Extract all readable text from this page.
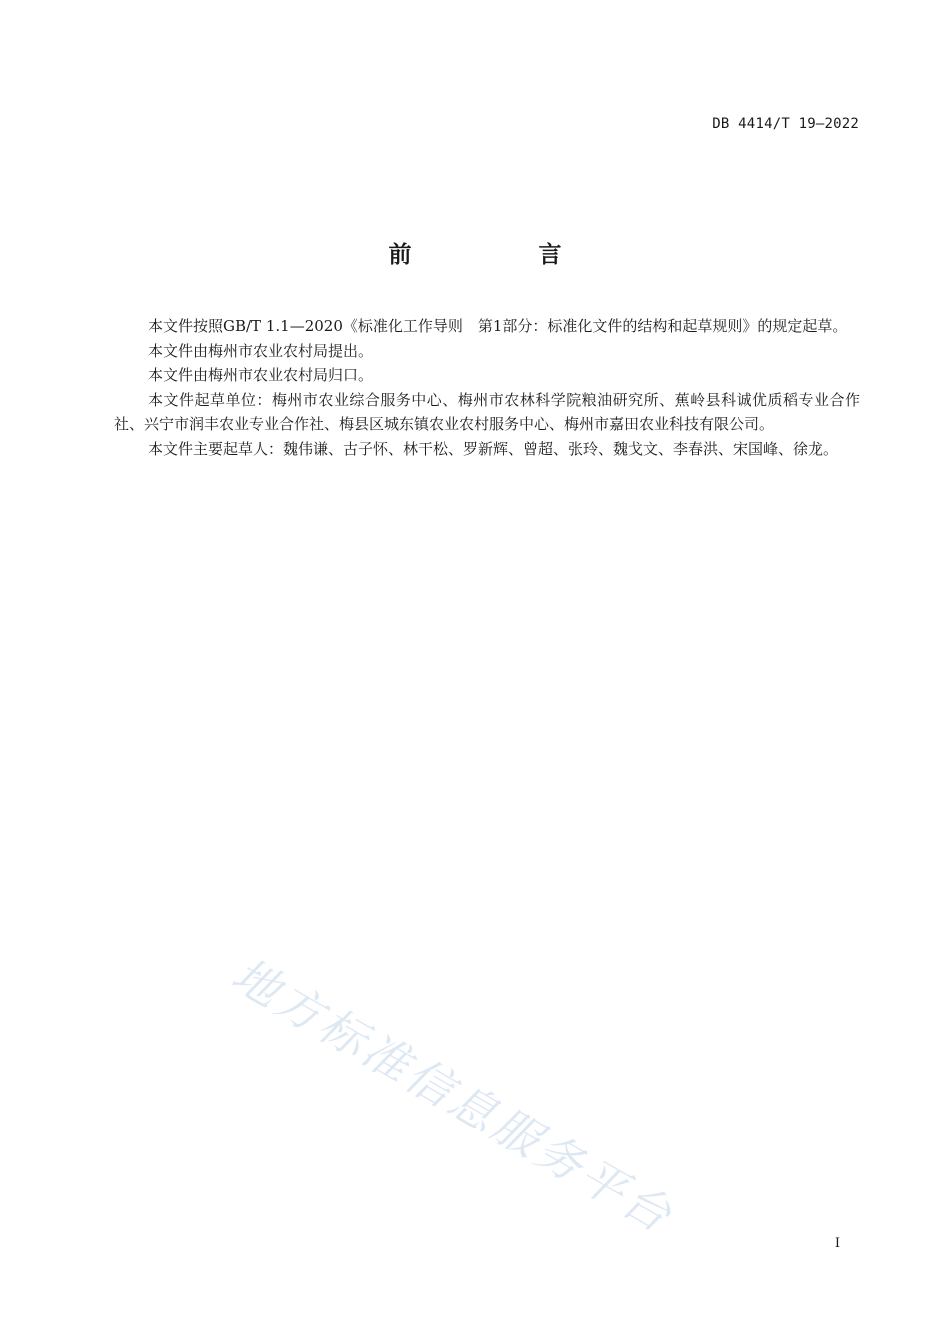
DB 4414/T 19—2022
前　言

本文件按照GB/T 1.1—2020《标准化工作导则　第1部分：标准化文件的结构和起草规则》的规定起草。

本文件由梅州市农业农村局提出。

本文件由梅州市农业农村局归口。

本文件起草单位：梅州市农业综合服务中心、梅州市农林科学院粮油研究所、蕉岭县科诚优质稻专业合作社、兴宁市润丰农业专业合作社、梅县区城东镇农业农村服务中心、梅州市嘉田农业科技有限公司。

本文件主要起草人：魏伟谦、古子怀、林干松、罗新辉、曾超、张玲、魏戈文、李春洪、宋国峰、徐龙。

地方标准信息服务平台	I
